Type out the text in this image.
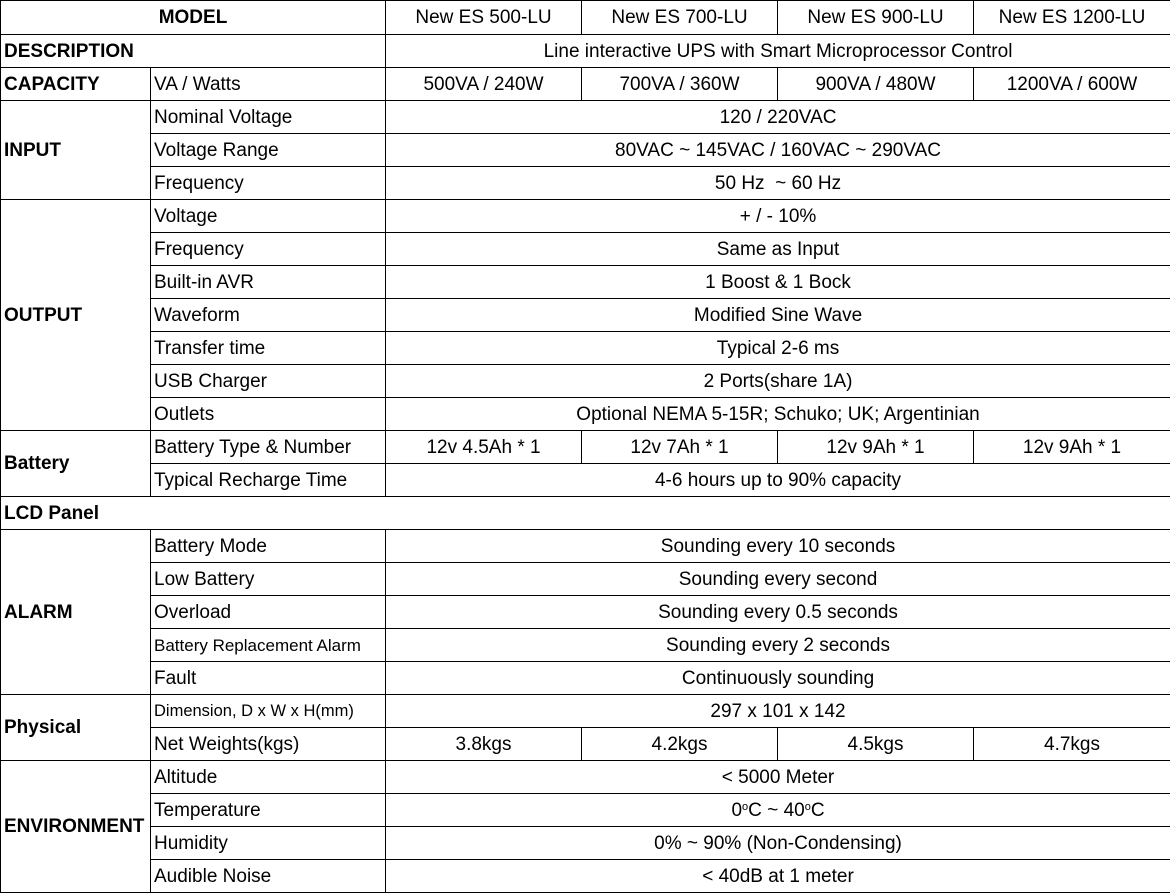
MODEL		New ES 500-LU	New ES 700-LU	New ES 900-LU	New ES 1200-LU
DESCRIPTION		Line interactive UPS with Smart Microprocessor Control			
CAPACITY	VA / Watts	500VA / 240W	700VA / 360W	900VA / 480W	1200VA / 600W
INPUT	Nominal Voltage	120 / 220VAC			
	Voltage Range	80VAC ~ 145VAC / 160VAC ~ 290VAC			
	Frequency	50 Hz  ~ 60 Hz			
OUTPUT	Voltage	+ / - 10%			
	Frequency	Same as Input			
	Built-in AVR	1 Boost & 1 Bock			
	Waveform	Modified Sine Wave			
	Transfer time	Typical 2-6 ms			
	USB Charger	2 Ports(share 1A)			
	Outlets	Optional NEMA 5-15R; Schuko; UK; Argentinian			
Battery	Battery Type & Number	12v 4.5Ah * 1	12v 7Ah * 1	12v 9Ah * 1	12v 9Ah * 1
	Typical Recharge Time	4-6 hours up to 90% capacity			
LCD Panel					
ALARM	Battery Mode	Sounding every 10 seconds			
	Low Battery	Sounding every second			
	Overload	Sounding every 0.5 seconds			
	Battery Replacement Alarm	Sounding every 2 seconds			
	Fault	Continuously sounding			
Physical	Dimension, D x W x H(mm)	297 x 101 x 142			
	Net Weights(kgs)	3.8kgs	4.2kgs	4.5kgs	4.7kgs
ENVIRONMENT	Altitude	< 5000 Meter			
	Temperature	0$^o$C ~ 40$^o$C			
	Humidity	0% ~ 90% (Non-Condensing)			
	Audible Noise	< 40dB at 1 meter			
